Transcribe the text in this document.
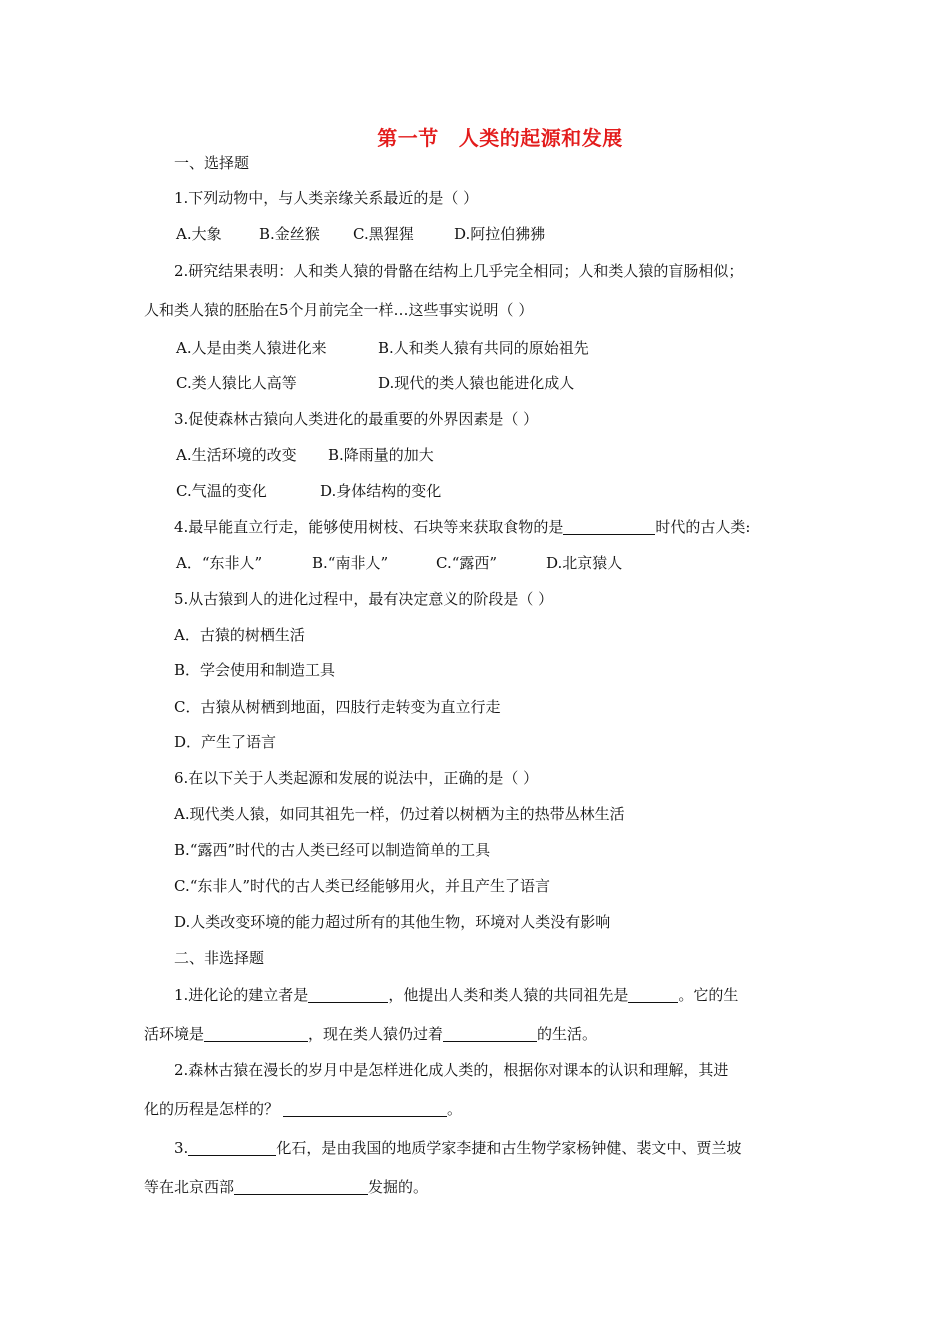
第一节 人类的起源和发展
一、选择题
1.下列动物中，与人类亲缘关系最近的是（ ）
A.大象 B.金丝猴 C.黑猩猩	D.阿拉伯狒狒
2.研究结果表明：人和类人猿的骨骼在结构上几乎完全相同；人和类人猿的盲肠相似；
人和类人猿的胚胎在5个月前完全一样…这些事实说明（ ）
A.人是由类人猿进化来	B.人和类人猿有共同的原始祖先
C.类人猿比人高等	D.现代的类人猿也能进化成人
3.促使森林古猿向人类进化的最重要的外界因素是（ ）
A.生活环境的改变 B.降雨量的加大
C.气温的变化	D.身体结构的变化
4.最早能直立行走，能够使用树枝、石块等来获取食物的是	时代的古人类:
A．“东非人”	B.“南非人”	C.“露西”	D.北京猿人
5.从古猿到人的进化过程中，最有决定意义的阶段是（ ）
A．古猿的树栖生活
B．学会使用和制造工具
C．古猿从树栖到地面，四肢行走转变为直立行走
D．产生了语言
6.在以下关于人类起源和发展的说法中，正确的是（ ）
A.现代类人猿，如同其祖先一样，仍过着以树栖为主的热带丛林生活
B.“露西”时代的古人类已经可以制造简单的工具
C.“东非人”时代的古人类已经能够用火，并且产生了语言
D.人类改变环境的能力超过所有的其他生物，环境对人类没有影响
二、非选择题
1.进化论的建立者是	，他提出人类和类人猿的共同祖先是	。它的生
活环境是	，现在类人猿仍过着	的生活。
2.森林古猿在漫长的岁月中是怎样进化成人类的，根据你对课本的认识和理解，其进
化的历程是怎样的？	。
3.	化石，是由我国的地质学家李捷和古生物学家杨钟健、裴文中、贾兰坡
等在北京西部	发掘的。
